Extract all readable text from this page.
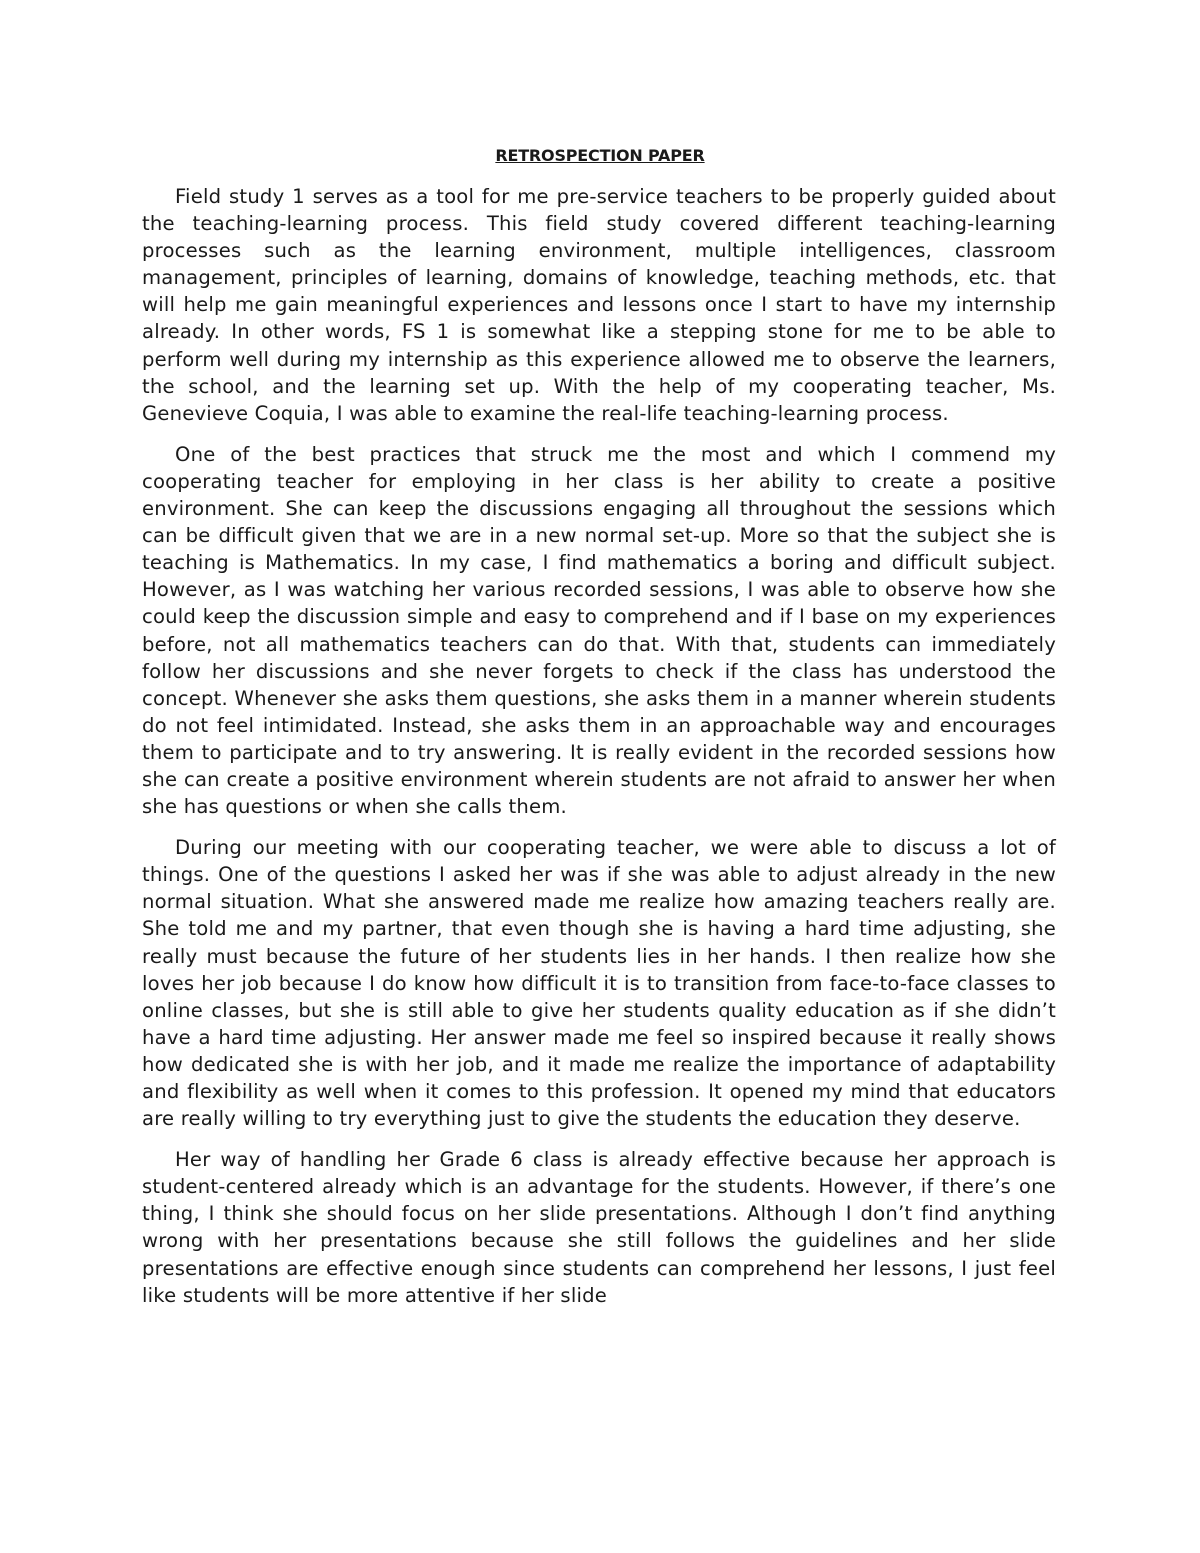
RETROSPECTION PAPER

Field study 1 serves as a tool for me pre-service teachers to be properly guided about the teaching-learning process. This field study covered different teaching-learning processes such as the learning environment, multiple intelligences, classroom management, principles of learning, domains of knowledge, teaching methods, etc. that will help me gain meaningful experiences and lessons once I start to have my internship already. In other words, FS 1 is somewhat like a stepping stone for me to be able to perform well during my internship as this experience allowed me to observe the learners, the school, and the learning set up. With the help of my cooperating teacher, Ms. Genevieve Coquia, I was able to examine the real-life teaching-learning process.

One of the best practices that struck me the most and which I commend my cooperating teacher for employing in her class is her ability to create a positive environment. She can keep the discussions engaging all throughout the sessions which can be difficult given that we are in a new normal set-up. More so that the subject she is teaching is Mathematics. In my case, I find mathematics a boring and difficult subject. However, as I was watching her various recorded sessions, I was able to observe how she could keep the discussion simple and easy to comprehend and if I base on my experiences before, not all mathematics teachers can do that. With that, students can immediately follow her discussions and she never forgets to check if the class has understood the concept. Whenever she asks them questions, she asks them in a manner wherein students do not feel intimidated. Instead, she asks them in an approachable way and encourages them to participate and to try answering. It is really evident in the recorded sessions how she can create a positive environment wherein students are not afraid to answer her when she has questions or when she calls them.

During our meeting with our cooperating teacher, we were able to discuss a lot of things. One of the questions I asked her was if she was able to adjust already in the new normal situation. What she answered made me realize how amazing teachers really are. She told me and my partner, that even though she is having a hard time adjusting, she really must because the future of her students lies in her hands. I then realize how she loves her job because I do know how difficult it is to transition from face-to-face classes to online classes, but she is still able to give her students quality education as if she didn’t have a hard time adjusting. Her answer made me feel so inspired because it really shows how dedicated she is with her job, and it made me realize the importance of adaptability and flexibility as well when it comes to this profession. It opened my mind that educators are really willing to try everything just to give the students the education they deserve.

Her way of handling her Grade 6 class is already effective because her approach is student-centered already which is an advantage for the students. However, if there’s one thing, I think she should focus on her slide presentations. Although I don’t find anything wrong with her presentations because she still follows the guidelines and her slide presentations are effective enough since students can comprehend her lessons, I just feel like students will be more attentive if her slide
